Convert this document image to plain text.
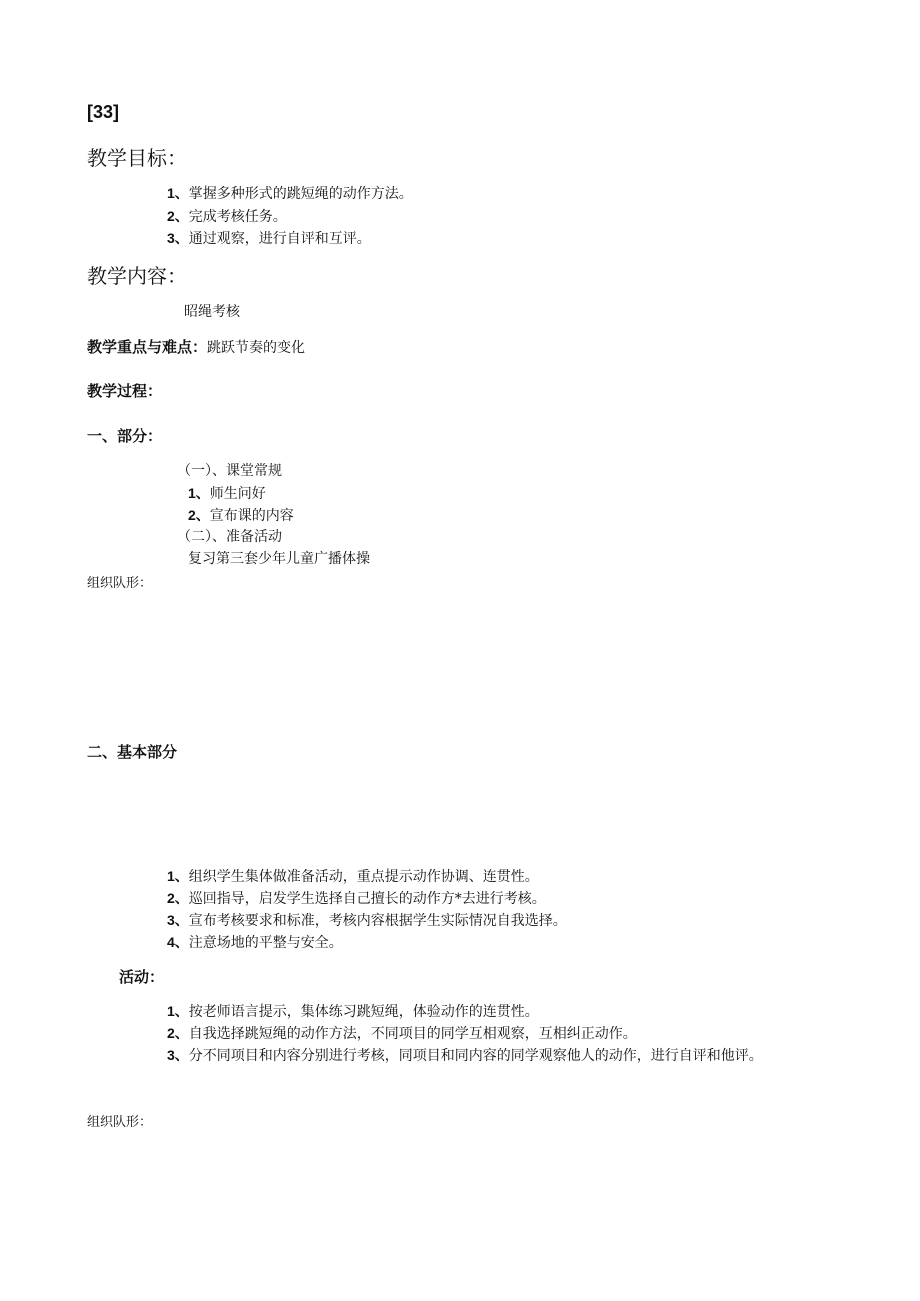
[33]
教学目标：
1、掌握多种形式的跳短绳的动作方法。
2、完成考核任务。
3、通过观察，进行自评和互评。
教学内容：
昭绳考核
教学重点与难点：跳跃节奏的变化
教学过程：
一、部分：
（一）、课堂常规
1、师生问好
2、宣布课的内容
（二）、准备活动
复习第三套少年儿童广播体操
组织队形：
二、基本部分
1、组织学生集体做准备活动，重点提示动作协调、连贯性。
2、巡回指导，启发学生选择自己擅长的动作方*去进行考核。
3、宣布考核要求和标准，考核内容根据学生实际情况自我选择。
4、注意场地的平整与安全。
活动：
1、按老师语言提示，集体练习跳短绳，体验动作的连贯性。
2、自我选择跳短绳的动作方法，不同项目的同学互相观察，互相纠正动作。
3、分不同项目和内容分别进行考核，同项目和同内容的同学观察他人的动作，进行自评和他评。
组织队形：
